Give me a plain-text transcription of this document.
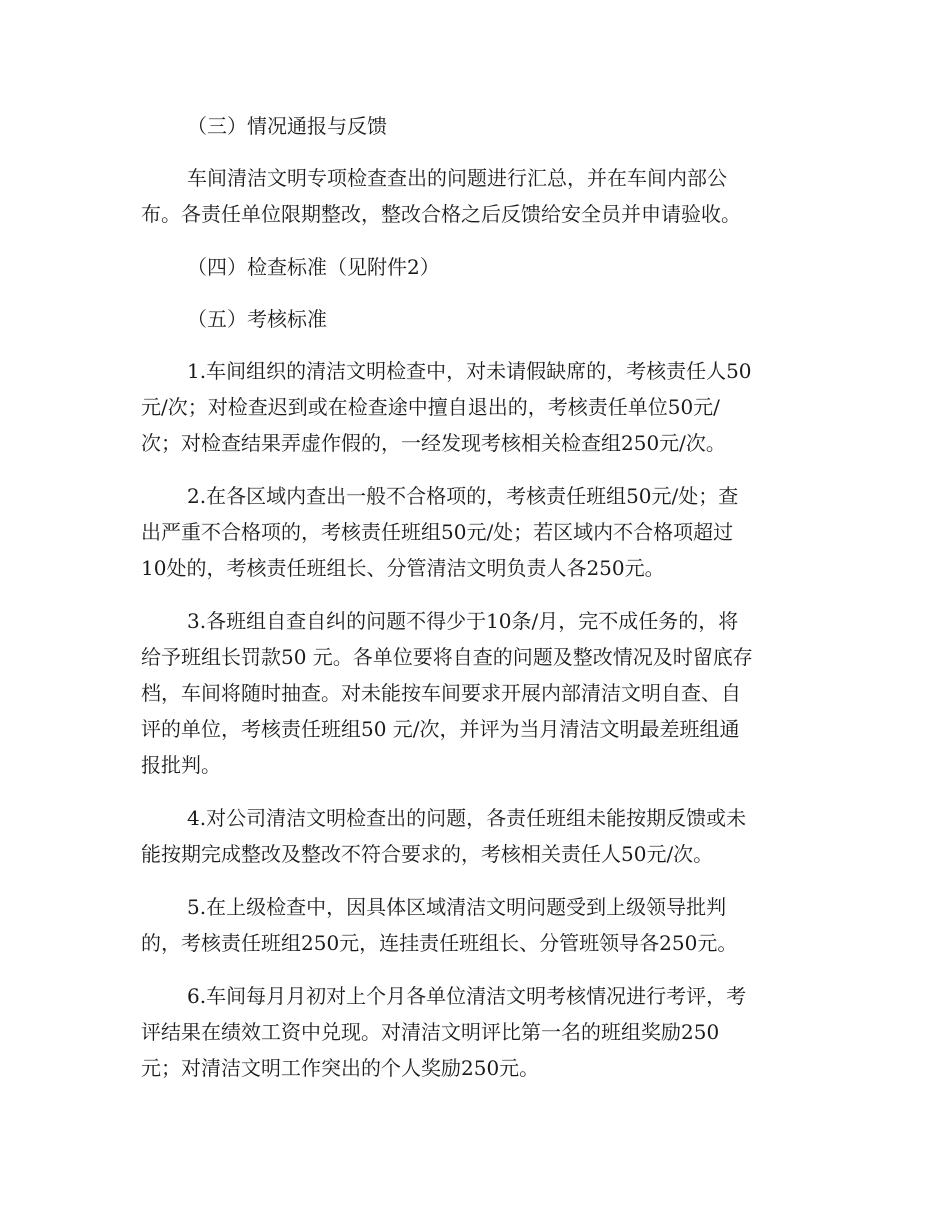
（三）情况通报与反馈
车间清洁文明专项检查查出的问题进行汇总，并在车间内部公
布。各责任单位限期整改，整改合格之后反馈给安全员并申请验收。
（四）检查标准（见附件2）
（五）考核标准
1.车间组织的清洁文明检查中，对未请假缺席的，考核责任人50
元/次；对检查迟到或在检查途中擅自退出的，考核责任单位50元/
次；对检查结果弄虚作假的，一经发现考核相关检查组250元/次。
2.在各区域内查出一般不合格项的，考核责任班组50元/处；查
出严重不合格项的，考核责任班组50元/处；若区域内不合格项超过
10处的，考核责任班组长、分管清洁文明负责人各250元。
3.各班组自查自纠的问题不得少于10条/月，完不成任务的，将
给予班组长罚款50 元。各单位要将自查的问题及整改情况及时留底存
档，车间将随时抽查。对未能按车间要求开展内部清洁文明自查、自
评的单位，考核责任班组50 元/次，并评为当月清洁文明最差班组通
报批判。
4.对公司清洁文明检查出的问题，各责任班组未能按期反馈或未
能按期完成整改及整改不符合要求的，考核相关责任人50元/次。
5.在上级检查中，因具体区域清洁文明问题受到上级领导批判
的，考核责任班组250元，连挂责任班组长、分管班领导各250元。
6.车间每月月初对上个月各单位清洁文明考核情况进行考评，考
评结果在绩效工资中兑现。对清洁文明评比第一名的班组奖励250
元；对清洁文明工作突出的个人奖励250元。
